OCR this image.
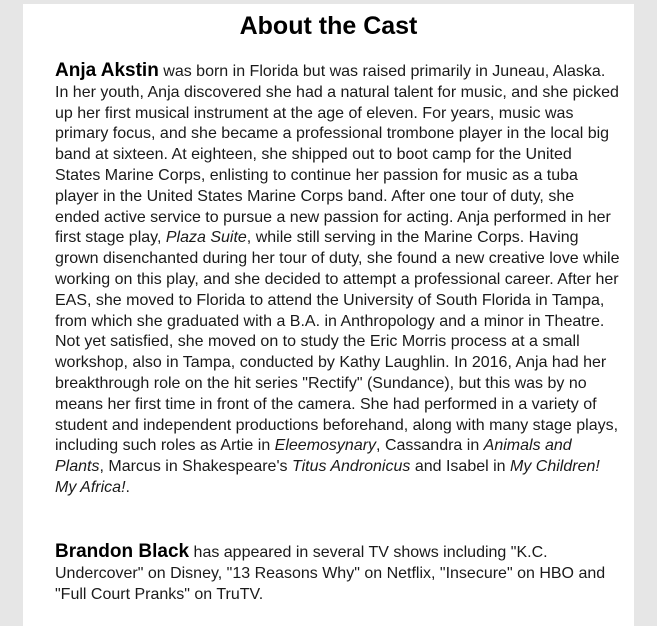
About the Cast

Anja Akstin was born in Florida but was raised primarily in Juneau, Alaska. In her youth, Anja discovered she had a natural talent for music, and she picked up her first musical instrument at the age of eleven. For years, music was primary focus, and she became a professional trombone player in the local big band at sixteen. At eighteen, she shipped out to boot camp for the United States Marine Corps, enlisting to continue her passion for music as a tuba player in the United States Marine Corps band. After one tour of duty, she ended active service to pursue a new passion for acting. Anja performed in her first stage play, Plaza Suite, while still serving in the Marine Corps. Having grown disenchanted during her tour of duty, she found a new creative love while working on this play, and she decided to attempt a professional career. After her EAS, she moved to Florida to attend the University of South Florida in Tampa, from which she graduated with a B.A. in Anthropology and a minor in Theatre. Not yet satisfied, she moved on to study the Eric Morris process at a small workshop, also in Tampa, conducted by Kathy Laughlin. In 2016, Anja had her breakthrough role on the hit series "Rectify" (Sundance), but this was by no means her first time in front of the camera. She had performed in a variety of student and independent productions beforehand, along with many stage plays, including such roles as Artie in Eleemosynary, Cassandra in Animals and Plants, Marcus in Shakespeare's Titus Andronicus and Isabel in My Children! My Africa!.

Brandon Black has appeared in several TV shows including "K.C. Undercover" on Disney, "13 Reasons Why" on Netflix, "Insecure" on HBO and "Full Court Pranks" on TruTV.
